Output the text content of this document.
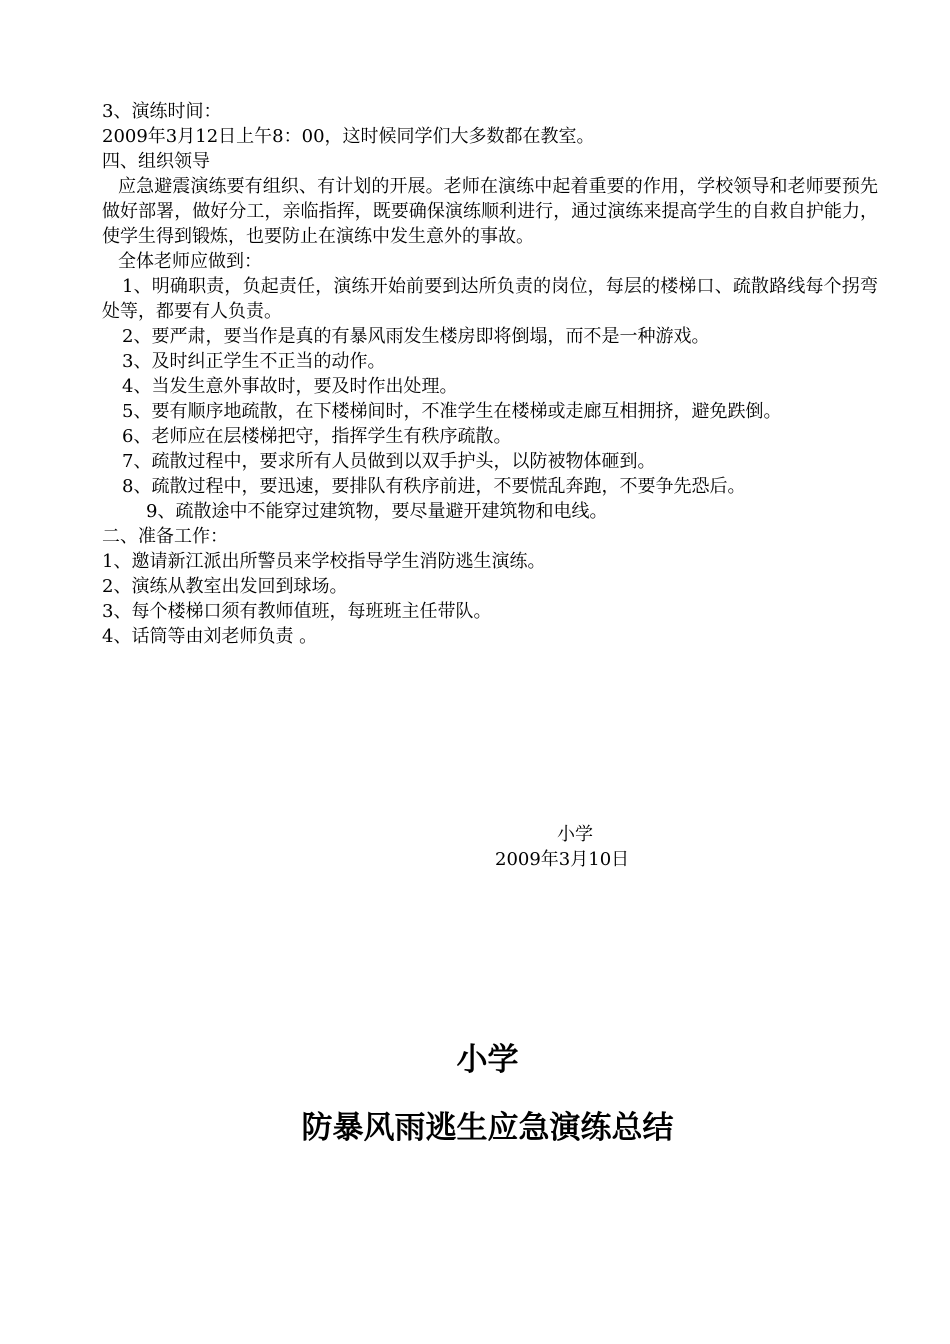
3、演练时间：

2009年3月12日上午8：00，这时候同学们大多数都在教室。

四、组织领导

应急避震演练要有组织、有计划的开展。老师在演练中起着重要的作用，学校领导和老师要预先做好部署，做好分工，亲临指挥，既要确保演练顺利进行，通过演练来提高学生的自救自护能力，使学生得到锻炼，也要防止在演练中发生意外的事故。

全体老师应做到：

1、明确职责，负起责任，演练开始前要到达所负责的岗位，每层的楼梯口、疏散路线每个拐弯处等，都要有人负责。

2、要严肃，要当作是真的有暴风雨发生楼房即将倒塌，而不是一种游戏。

3、及时纠正学生不正当的动作。

4、当发生意外事故时，要及时作出处理。

5、要有顺序地疏散，在下楼梯间时，不准学生在楼梯或走廊互相拥挤，避免跌倒。

6、老师应在层楼梯把守，指挥学生有秩序疏散。

7、疏散过程中，要求所有人员做到以双手护头，以防被物体砸到。

8、疏散过程中，要迅速，要排队有秩序前进，不要慌乱奔跑，不要争先恐后。

9、疏散途中不能穿过建筑物，要尽量避开建筑物和电线。

二、准备工作：

1、邀请新江派出所警员来学校指导学生消防逃生演练。

2、演练从教室出发回到球场。

3、每个楼梯口须有教师值班，每班班主任带队。

4、话筒等由刘老师负责 。

小学
2009年3月10日
小学
防暴风雨逃生应急演练总结
